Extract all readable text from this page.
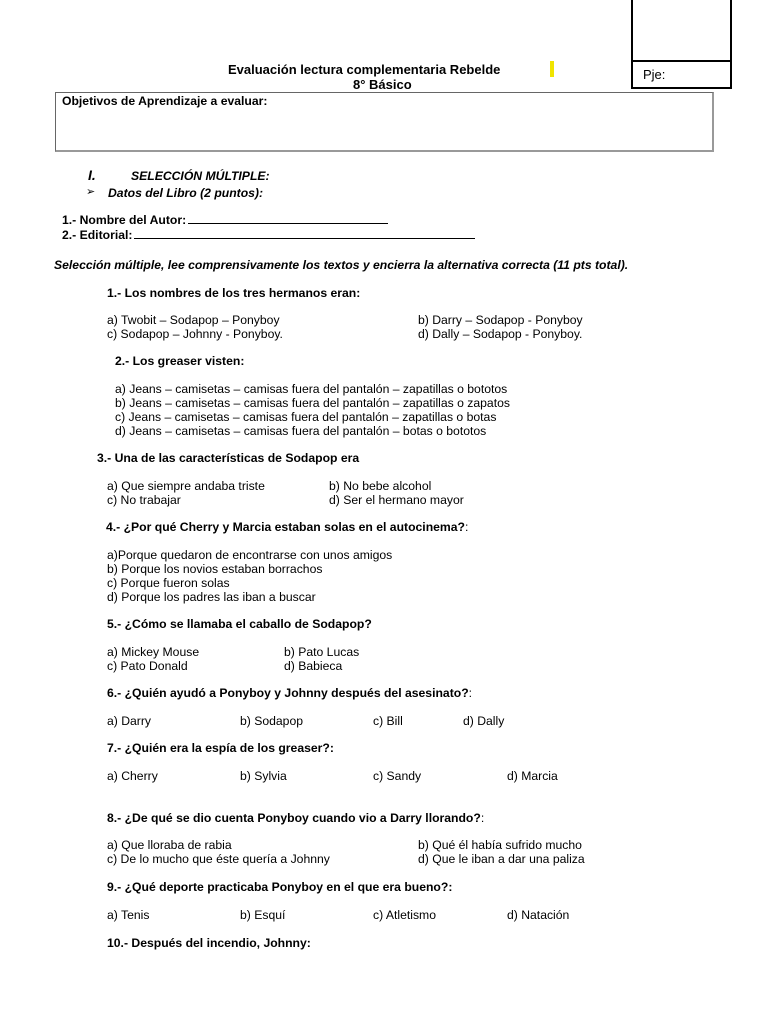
Pje:
Evaluación lectura complementaria Rebelde
8° Básico
Objetivos de Aprendizaje a evaluar:
I.	SELECCIÓN MÚLTIPLE:
➢ Datos del Libro (2 puntos):
1.- Nombre del Autor:
2.- Editorial:
Selección múltiple, lee comprensivamente los textos y encierra la alternativa correcta (11 pts total).
1.- Los nombres de los tres hermanos eran:
a) Twobit – Sodapop – Ponyboy	b) Darry – Sodapop - Ponyboy
c) Sodapop – Johnny - Ponyboy.	d) Dally – Sodapop - Ponyboy.
2.- Los greaser visten:
a) Jeans – camisetas – camisas fuera del pantalón – zapatillas o bototos
b) Jeans – camisetas – camisas fuera del pantalón – zapatillas o zapatos
c) Jeans – camisetas – camisas fuera del pantalón – zapatillas o botas
d) Jeans – camisetas – camisas fuera del pantalón – botas o bototos
3.- Una de las características de Sodapop era
a) Que siempre andaba triste	b) No bebe alcohol
c) No trabajar	d) Ser el hermano mayor
4.- ¿Por qué Cherry y Marcia estaban solas en el autocinema?:
a)Porque quedaron de encontrarse con unos amigos
b) Porque los novios estaban borrachos
c) Porque fueron solas
d) Porque los padres las iban a buscar
5.- ¿Cómo se llamaba el caballo de Sodapop?
a) Mickey Mouse	b) Pato Lucas
c) Pato Donald	d) Babieca
6.- ¿Quién ayudó a Ponyboy y Johnny después del asesinato?:
a) Darry	b) Sodapop	c) Bill	d) Dally
7.- ¿Quién era la espía de los greaser?:
a) Cherry	b) Sylvia	c) Sandy	d) Marcia
8.- ¿De qué se dio cuenta Ponyboy cuando vio a Darry llorando?:
a) Que lloraba de rabia	b) Qué él había sufrido mucho
c) De lo mucho que éste quería a Johnny	d) Que le iban a dar una paliza
9.- ¿Qué deporte practicaba Ponyboy en el que era bueno?:
a) Tenis	b) Esquí	c) Atletismo	d) Natación
10.- Después del incendio, Johnny:
